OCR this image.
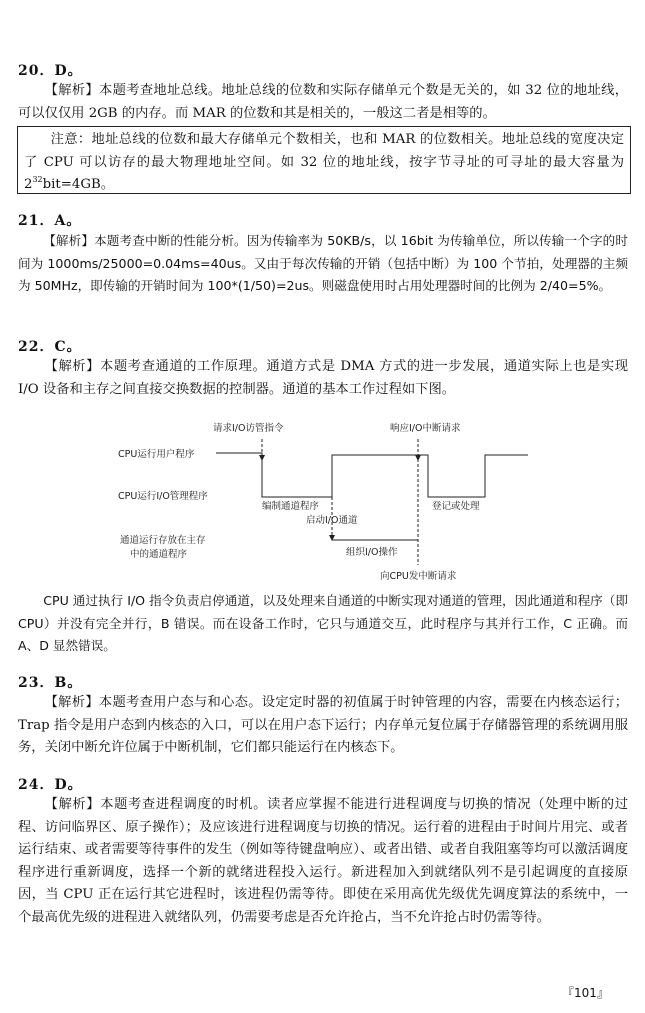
20．D。
【解析】本题考查地址总线。地址总线的位数和实际存储单元个数是无关的，如 32 位的地址线，可以仅仅用 2GB 的内存。而 MAR 的位数和其是相关的，一般这二者是相等的。
注意：地址总线的位数和最大存储单元个数相关，也和 MAR 的位数相关。地址总线的宽度决定了 CPU 可以访存的最大物理地址空间。如 32 位的地址线，按字节寻址的可寻址的最大容量为 $2^{32}bit=4GB$。
21．A。
【解析】本题考查中断的性能分析。因为传输率为 50KB/s，以 16bit 为传输单位，所以传输一个字的时间为 1000ms/25000=0.04ms=40us。又由于每次传输的开销（包括中断）为 100 个节拍，处理器的主频为 50MHz，即传输的开销时间为 100*(1/50)=2us。则磁盘使用时占用处理器时间的比例为 2/40=5%。
22．C。
【解析】本题考查通道的工作原理。通道方式是 DMA 方式的进一步发展，通道实际上也是实现 I/O 设备和主存之间直接交换数据的控制器。通道的基本工作过程如下图。
请求I/O访管指令	响应I/O中断请求
CPU运行用户程序
CPU运行I/O管理程序
通道运行存放在主存
中的通道程序
编制通道程序
启动I/O通道
登记或处理
组织I/O操作
向CPU发中断请求
CPU 通过执行 I/O 指令负责启停通道，以及处理来自通道的中断实现对通道的管理，因此通道和程序（即 CPU）并没有完全并行，B 错误。而在设备工作时，它只与通道交互，此时程序与其并行工作，C 正确。而 A、D 显然错误。
23．B。
【解析】本题考查用户态与和心态。设定定时器的初值属于时钟管理的内容，需要在内核态运行；Trap 指令是用户态到内核态的入口，可以在用户态下运行；内存单元复位属于存储器管理的系统调用服务，关闭中断允许位属于中断机制，它们都只能运行在内核态下。
24．D。
【解析】本题考查进程调度的时机。读者应掌握不能进行进程调度与切换的情况（处理中断的过程、访问临界区、原子操作）；及应该进行进程调度与切换的情况。运行着的进程由于时间片用完、或者运行结束、或者需要等待事件的发生（例如等待键盘响应）、或者出错、或者自我阻塞等均可以激活调度程序进行重新调度，选择一个新的就绪进程投入运行。新进程加入到就绪队列不是引起调度的直接原因，当 CPU 正在运行其它进程时，该进程仍需等待。即使在采用高优先级优先调度算法的系统中，一个最高优先级的进程进入就绪队列，仍需要考虑是否允许抢占，当不允许抢占时仍需等待。
『101』
